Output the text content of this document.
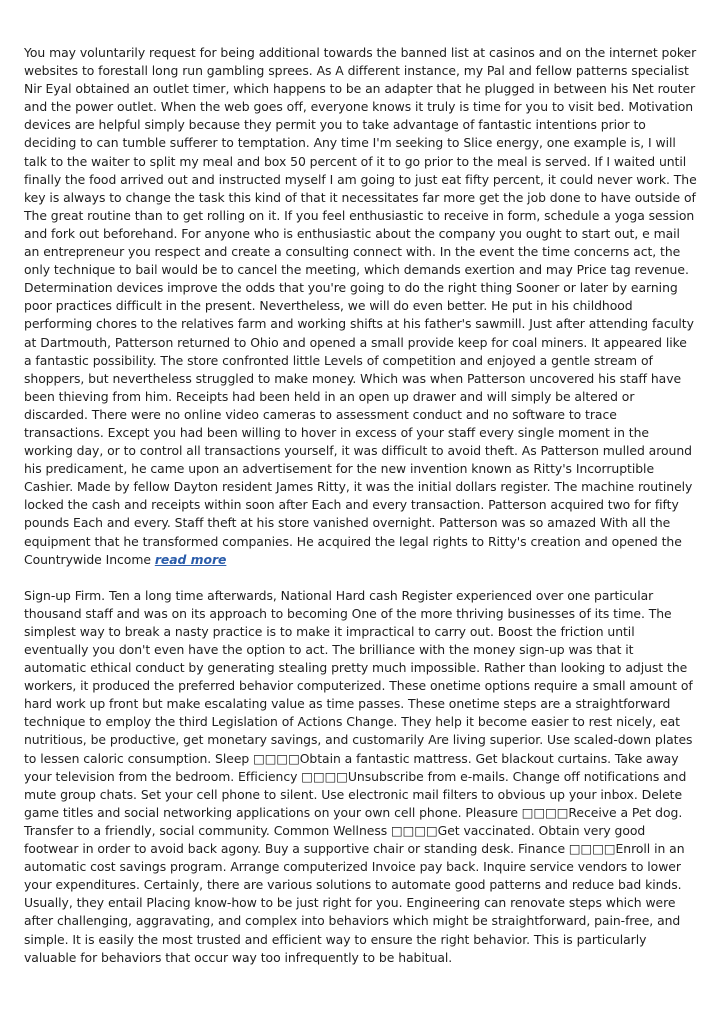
You may voluntarily request for being additional towards the banned list at casinos and on the internet poker websites to forestall long run gambling sprees. As A different instance, my Pal and fellow patterns specialist Nir Eyal obtained an outlet timer, which happens to be an adapter that he plugged in between his Net router and the power outlet. When the web goes off, everyone knows it truly is time for you to visit bed. Motivation devices are helpful simply because they permit you to take advantage of fantastic intentions prior to deciding to can tumble sufferer to temptation. Any time I'm seeking to Slice energy, one example is, I will talk to the waiter to split my meal and box 50 percent of it to go prior to the meal is served. If I waited until finally the food arrived out and instructed myself I am going to just eat fifty percent, it could never work. The key is always to change the task this kind of that it necessitates far more get the job done to have outside of The great routine than to get rolling on it. If you feel enthusiastic to receive in form, schedule a yoga session and fork out beforehand. For anyone who is enthusiastic about the company you ought to start out, e mail an entrepreneur you respect and create a consulting connect with. In the event the time concerns act, the only technique to bail would be to cancel the meeting, which demands exertion and may Price tag revenue. Determination devices improve the odds that you're going to do the right thing Sooner or later by earning poor practices difficult in the present. Nevertheless, we will do even better. He put in his childhood performing chores to the relatives farm and working shifts at his father's sawmill. Just after attending faculty at Dartmouth, Patterson returned to Ohio and opened a small provide keep for coal miners. It appeared like a fantastic possibility. The store confronted little Levels of competition and enjoyed a gentle stream of shoppers, but nevertheless struggled to make money. Which was when Patterson uncovered his staff have been thieving from him. Receipts had been held in an open up drawer and will simply be altered or discarded. There were no online video cameras to assessment conduct and no software to trace transactions. Except you had been willing to hover in excess of your staff every single moment in the working day, or to control all transactions yourself, it was difficult to avoid theft. As Patterson mulled around his predicament, he came upon an advertisement for the new invention known as Ritty's Incorruptible Cashier. Made by fellow Dayton resident James Ritty, it was the initial dollars register. The machine routinely locked the cash and receipts within soon after Each and every transaction. Patterson acquired two for fifty pounds Each and every. Staff theft at his store vanished overnight. Patterson was so amazed With all the equipment that he transformed companies. He acquired the legal rights to Ritty's creation and opened the Countrywide Income read more

Sign-up Firm. Ten a long time afterwards, National Hard cash Register experienced over one particular thousand staff and was on its approach to becoming One of the more thriving businesses of its time. The simplest way to break a nasty practice is to make it impractical to carry out. Boost the friction until eventually you don't even have the option to act. The brilliance with the money sign-up was that it automatic ethical conduct by generating stealing pretty much impossible. Rather than looking to adjust the workers, it produced the preferred behavior computerized. These onetime options require a small amount of hard work up front but make escalating value as time passes. These onetime steps are a straightforward technique to employ the third Legislation of Actions Change. They help it become easier to rest nicely, eat nutritious, be productive, get monetary savings, and customarily Are living superior. Use scaled-down plates to lessen caloric consumption. Sleep □□□□Obtain a fantastic mattress. Get blackout curtains. Take away your television from the bedroom. Efficiency □□□□Unsubscribe from e-mails. Change off notifications and mute group chats. Set your cell phone to silent. Use electronic mail filters to obvious up your inbox. Delete game titles and social networking applications on your own cell phone. Pleasure □□□□Receive a Pet dog. Transfer to a friendly, social community. Common Wellness □□□□Get vaccinated. Obtain very good footwear in order to avoid back agony. Buy a supportive chair or standing desk. Finance □□□□Enroll in an automatic cost savings program. Arrange computerized Invoice pay back. Inquire service vendors to lower your expenditures. Certainly, there are various solutions to automate good patterns and reduce bad kinds. Usually, they entail Placing know-how to be just right for you. Engineering can renovate steps which were after challenging, aggravating, and complex into behaviors which might be straightforward, pain-free, and simple. It is easily the most trusted and efficient way to ensure the right behavior. This is particularly valuable for behaviors that occur way too infrequently to be habitual.
